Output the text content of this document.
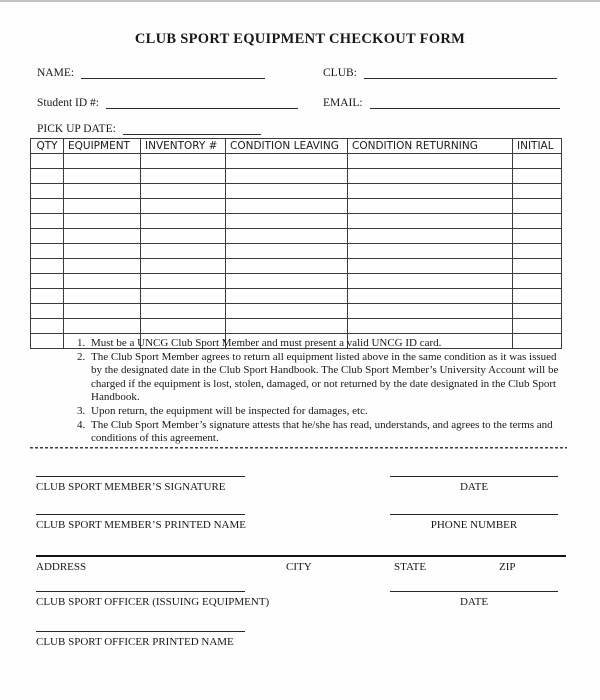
CLUB SPORT EQUIPMENT CHECKOUT FORM
NAME:	CLUB:
Student ID #:	EMAIL:
PICK UP DATE:
QTY	EQUIPMENT	INVENTORY #	CONDITION LEAVING	CONDITION RETURNING	INITIAL

1. Must be a UNCG Club Sport Member and must present a valid UNCG ID card.
2. The Club Sport Member agrees to return all equipment listed above in the same condition as it was issued by the designated date in the Club Sport Handbook. The Club Sport Member’s University Account will be charged if the equipment is lost, stolen, damaged, or not returned by the date designated in the Club Sport Handbook.
3. Upon return, the equipment will be inspected for damages, etc.
4. The Club Sport Member’s signature attests that he/she has read, understands, and agrees to the terms and conditions of this agreement.
CLUB SPORT MEMBER’S SIGNATURE	DATE
CLUB SPORT MEMBER’S PRINTED NAME	PHONE NUMBER
ADDRESS	CITY	STATE	ZIP
CLUB SPORT OFFICER (ISSUING EQUIPMENT)	DATE
CLUB SPORT OFFICER PRINTED NAME
